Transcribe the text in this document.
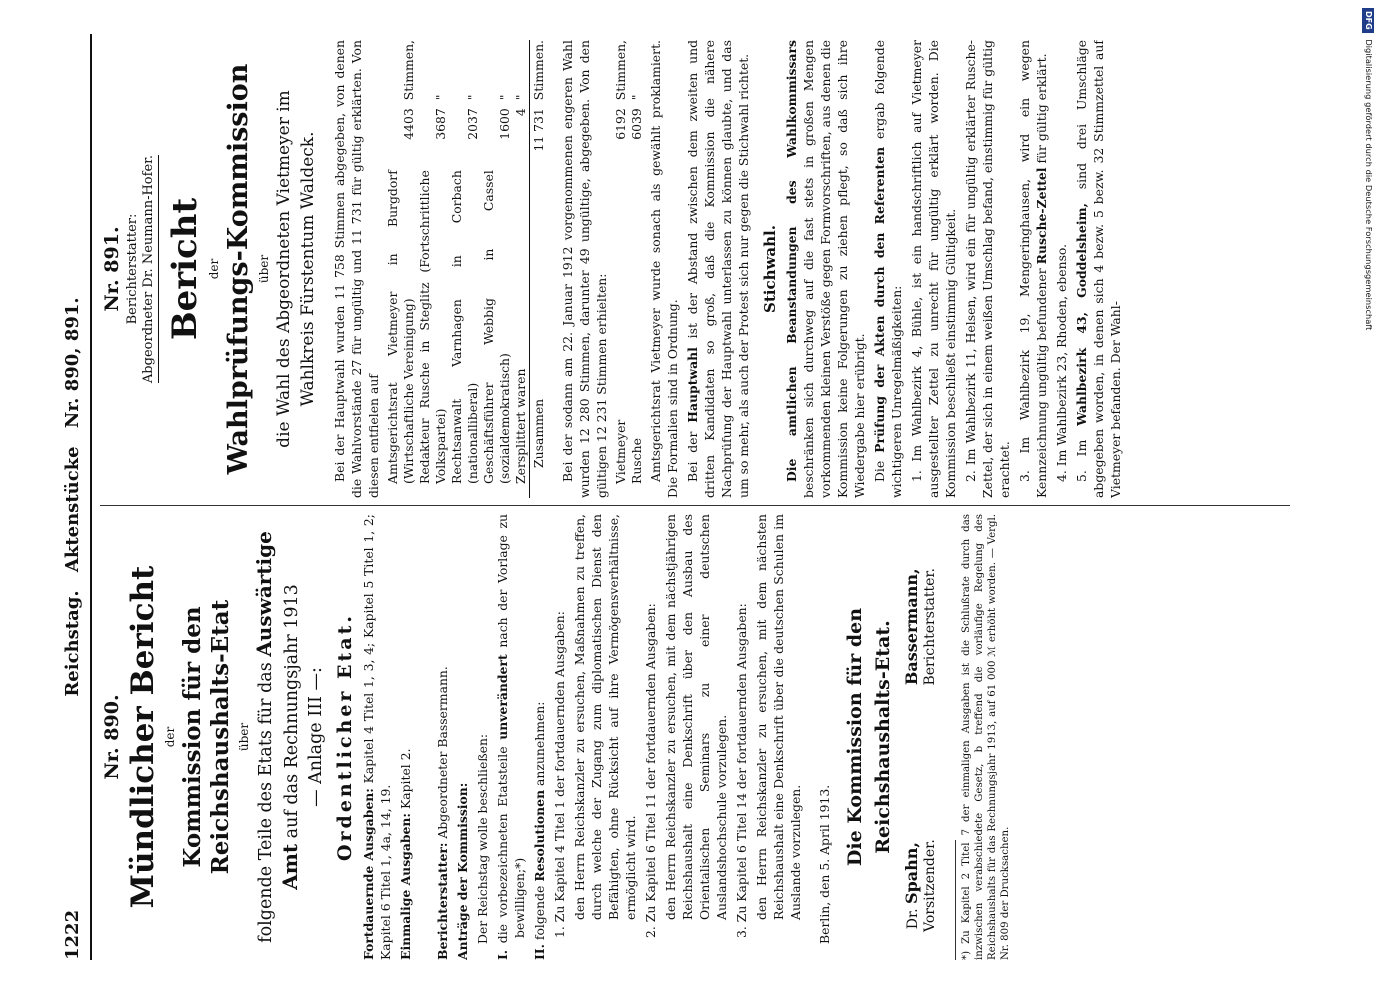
1222
Reichstag. Aktenstücke Nr. 890, 891.
Nr. 890. Mündlicher Bericht der Kommission für den Reichshaushalts-Etat über folgende Teile des Etats für das Auswärtige
Amt auf das Rechnungsjahr 1913 — Anlage III —: Ordentlicher Etat.

Fortdauernde Ausgaben: Kapitel 4 Titel 1, 3, 4; Kapitel 5 Titel 1, 2; Kapitel 6 Titel 1, 4a, 14, 19. Einmalige Ausgaben: Kapitel 2.

Berichterstatter: Abgeordneter Bassermann.

Anträge der Kommission: Der Reichstag wolle beschließen:

I. die vorbezeichneten Etatsteile unverändert nach der Vorlage zu bewilligen;*)
II. folgende Resolutionen anzunehmen: 1. Zu Kapitel 4 Titel 1 der fortdauernden Ausgaben: den Herrn Reichskanzler zu ersuchen, Maßnahmen zu treffen, durch welche der Zugang zum diplomatischen Dienst den Befähigten, ohne Rücksicht auf ihre Vermögensverhältnisse, ermöglicht wird. 2. Zu Kapitel 6 Titel 11 der fortdauernden Ausgaben: den Herrn Reichskanzler zu ersuchen, mit dem nächstjährigen Reichshaushalt eine Denkschrift über den Ausbau des Orientalischen Seminars zu einer deutschen Auslandshochschule vorzulegen. 3. Zu Kapitel 6 Titel 14 der fortdauernden Ausgaben: den Herrn Reichskanzler zu ersuchen, mit dem nächsten Reichshaushalt eine Denkschrift über die deutschen Schulen im Auslande vorzulegen. Berlin, den 5. April 1913. Die Kommission für den Reichshaushalts-Etat.
Dr. Spahn,
Vorsitzender.
Bassermann,
Berichterstatter. *) Zu Kapitel 2 Titel 7 der einmaligen Ausgaben ist die Schlußrate durch das inzwischen verabschiedete Gesetz, b treffend die vorläufige Regelung des Reichshaushalts für das Rechnungsjahr 1913, auf 61 000 ℳ erhöht worden. — Vergl. Nr. 809 der Drucksachen.
Nr. 891. Berichterstatter: Abgeordneter Dr. Neumann-Hofer. Bericht der Wahlprüfungs-Kommission über die Wahl des Abgeordneten Vietmeyer im Wahlkreis Fürstentum Waldeck. Bei der Hauptwahl wurden 11 758 Stimmen abgegeben, von denen die Wahlvorstände 27 für ungültig und 11 731 für gültig erklärten. Von diesen entfielen auf Amtsgerichtsrat Vietmeyer in Burgdorf (Wirtschaftliche Vereinigung)	4403	Stimmen,
Redakteur Rusche in Steglitz (Fortschrittliche Volkspartei)	3687	"
Rechtsanwalt Varnhagen in Corbach (nationalliberal)	2037	"
Geschäftsführer Webbig in Cassel (sozialdemokratisch)	1600	"
Zersplittert waren	4	"
Zusammen	11 731	Stimmen. Bei der sodann am 22. Januar 1912 vorgenommenen engeren Wahl wurden 12 280 Stimmen, darunter 49 ungültige, abgegeben. Von den gültigen 12 231 Stimmen erhielten: Vietmeyer	6192	Stimmen,
Rusche	6039	" Amtsgerichtsrat Vietmeyer wurde sonach als gewählt proklamiert. Die Formalien sind in Ordnung. Bei der Hauptwahl ist der Abstand zwischen dem zweiten und dritten Kandidaten so groß, daß die Kommission die nähere Nachprüfung der Hauptwahl unterlassen zu können glaubte, und das um so mehr, als auch der Protest sich nur gegen die Stichwahl richtet. Stichwahl. Die amtlichen Beanstandungen des Wahlkommissars beschränken sich durchweg auf die fast stets in großen Mengen vorkommenden kleinen Verstöße gegen Formvorschriften, aus denen die Kommission keine Folgerungen zu ziehen pflegt, so daß sich ihre Wiedergabe hier erübrigt. Die Prüfung der Akten durch den Referenten ergab folgende wichtigeren Unregelmäßigkeiten: 1. Im Wahlbezirk 4, Bühle, ist ein handschriftlich auf Vietmeyer ausgestellter Zettel zu unrecht für ungültig erklärt worden. Die Kommission beschließt einstimmig Gültigkeit. 2. Im Wahlbezirk 11, Helsen, wird ein für ungültig erklärter Rusche-Zettel, der sich in einem weißen Umschlag befand, einstimmig für gültig erachtet. 3. Im Wahlbezirk 19, Mengeringhausen, wird ein wegen Kennzeichnung ungültig befundener Rusche-Zettel für gültig erklärt.

4. Im Wahlbezirk 23, Rhoden, ebenso. 5. Im Wahlbezirk 43, Goddelsheim, sind drei Umschläge abgegeben worden, in denen sich 4 bezw. 5 bezw. 32 Stimmzettel auf Vietmeyer befanden. Der Wahl-

DFG Digitalisierung gefördert durch die Deutsche Forschungsgemeinschaft
